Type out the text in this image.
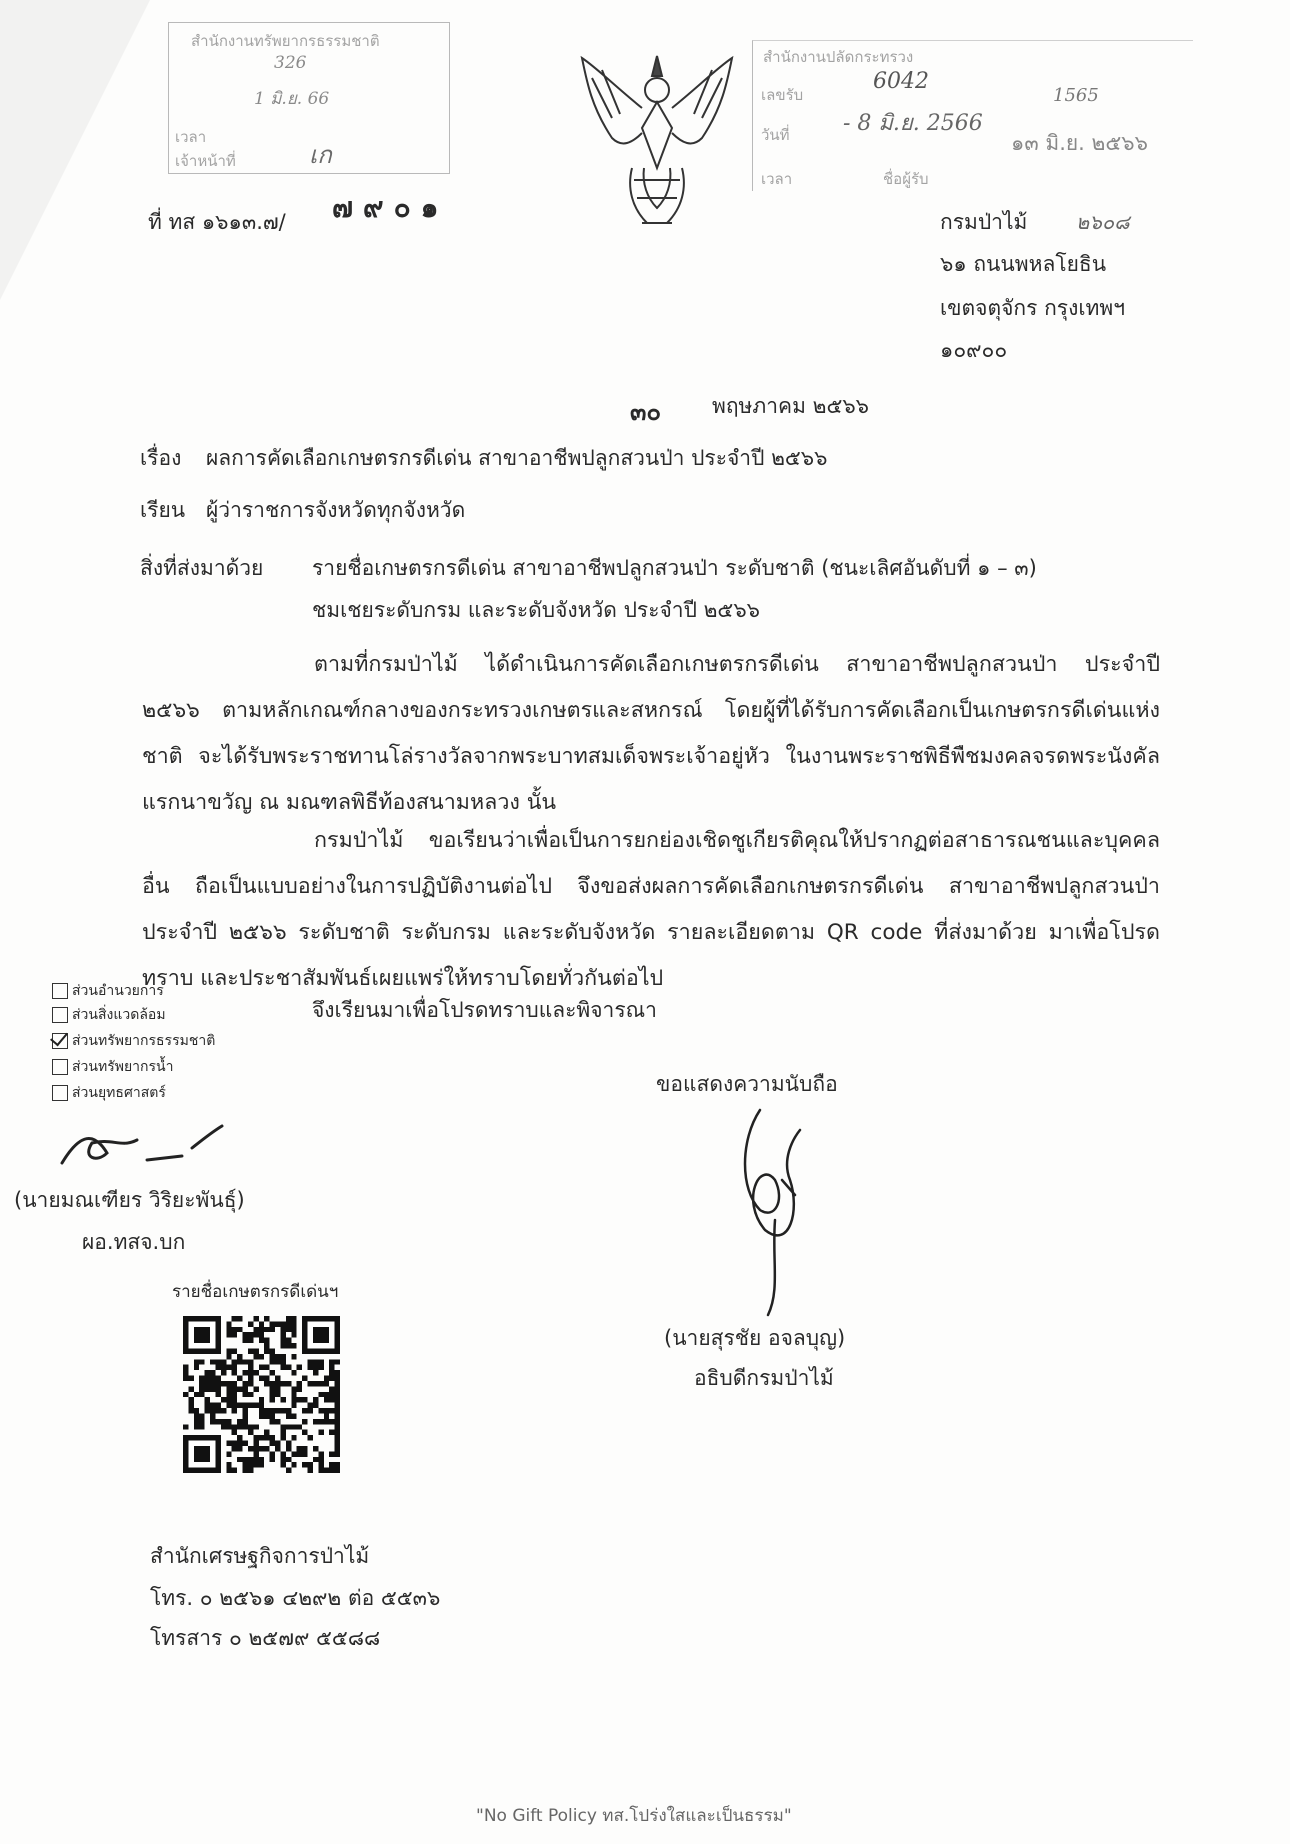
สำนักงานทรัพยากรธรรมชาติ
326
1 มิ.ย. 66
เวลา
เจ้าหน้าที่	เก
สำนักงานปลัดกระทรวง
เลขรับ
6042
1565
วันที่ - 8 มิ.ย. 2566
๑๓ มิ.ย. ๒๕๖๖
เวลา	ชื่อผู้รับ
ที่ ทส ๑๖๑๓.๗/ ๗๙๐๑	กรมป่าไม้ ๒๖๐๘
๖๑ ถนนพหลโยธิน
เขตจตุจักร กรุงเทพฯ
๑๐๙๐๐
๓๐ พฤษภาคม ๒๕๖๖
เรื่อง ผลการคัดเลือกเกษตรกรดีเด่น สาขาอาชีพปลูกสวนป่า ประจำปี ๒๕๖๖
เรียน ผู้ว่าราชการจังหวัดทุกจังหวัด
สิ่งที่ส่งมาด้วย รายชื่อเกษตรกรดีเด่น สาขาอาชีพปลูกสวนป่า ระดับชาติ (ชนะเลิศอันดับที่ ๑ – ๓)
ชมเชยระดับกรม และระดับจังหวัด ประจำปี ๒๕๖๖
ตามที่กรมป่าไม้ ได้ดำเนินการคัดเลือกเกษตรกรดีเด่น สาขาอาชีพปลูกสวนป่า ประจำปี ๒๕๖๖ ตามหลักเกณฑ์กลางของกระทรวงเกษตรและสหกรณ์ โดยผู้ที่ได้รับการคัดเลือกเป็นเกษตรกรดีเด่นแห่งชาติ จะได้รับพระราชทานโล่รางวัลจากพระบาทสมเด็จพระเจ้าอยู่หัว ในงานพระราชพิธีพืชมงคลจรดพระนังคัล แรกนาขวัญ ณ มณฑลพิธีท้องสนามหลวง นั้น
กรมป่าไม้ ขอเรียนว่าเพื่อเป็นการยกย่องเชิดชูเกียรติคุณให้ปรากฏต่อสาธารณชนและบุคคลอื่น ถือเป็นแบบอย่างในการปฏิบัติงานต่อไป จึงขอส่งผลการคัดเลือกเกษตรกรดีเด่น สาขาอาชีพปลูกสวนป่า ประจำปี ๒๕๖๖ ระดับชาติ ระดับกรม และระดับจังหวัด รายละเอียดตาม QR code ที่ส่งมาด้วย มาเพื่อโปรดทราบ และประชาสัมพันธ์เผยแพร่ให้ทราบโดยทั่วกันต่อไป
จึงเรียนมาเพื่อโปรดทราบและพิจารณา
ส่วนอำนวยการ
ส่วนสิ่งแวดล้อม
ส่วนทรัพยากรธรรมชาติ
ส่วนทรัพยากรน้ำ
ส่วนยุทธศาสตร์
(นายมณเฑียร วิริยะพันธุ์)
ผอ.ทสจ.บก
รายชื่อเกษตรกรดีเด่นฯ
ขอแสดงความนับถือ
(นายสุรชัย อจลบุญ)
อธิบดีกรมป่าไม้
สำนักเศรษฐกิจการป่าไม้
โทร. ๐ ๒๕๖๑ ๔๒๙๒ ต่อ ๕๕๓๖
โทรสาร ๐ ๒๕๗๙ ๕๕๘๘
"No Gift Policy ทส.โปร่งใสและเป็นธรรม"
